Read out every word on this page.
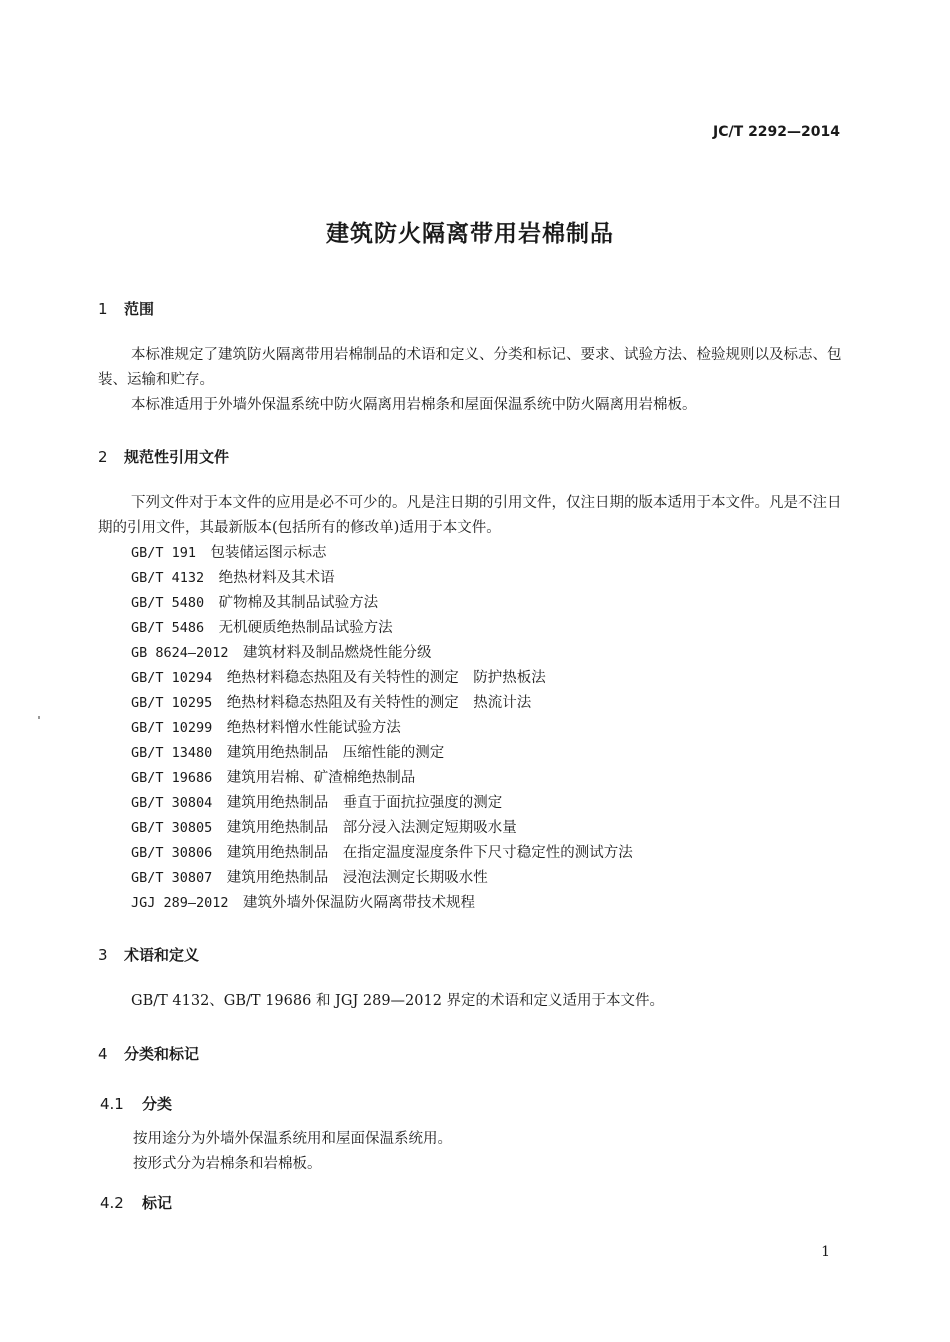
JC/T 2292—2014
建筑防火隔离带用岩棉制品
1 范围
本标准规定了建筑防火隔离带用岩棉制品的术语和定义、分类和标记、要求、试验方法、检验规则以及标志、包装、运输和贮存。
本标准适用于外墙外保温系统中防火隔离用岩棉条和屋面保温系统中防火隔离用岩棉板。
2 规范性引用文件
下列文件对于本文件的应用是必不可少的。凡是注日期的引用文件，仅注日期的版本适用于本文件。凡是不注日期的引用文件，其最新版本(包括所有的修改单)适用于本文件。
GB/T 191  包装储运图示标志
GB/T 4132  绝热材料及其术语
GB/T 5480  矿物棉及其制品试验方法
GB/T 5486  无机硬质绝热制品试验方法
GB 8624—2012  建筑材料及制品燃烧性能分级
GB/T 10294  绝热材料稳态热阻及有关特性的测定　防护热板法
GB/T 10295  绝热材料稳态热阻及有关特性的测定　热流计法
GB/T 10299  绝热材料憎水性能试验方法
GB/T 13480  建筑用绝热制品　压缩性能的测定
GB/T 19686  建筑用岩棉、矿渣棉绝热制品
GB/T 30804  建筑用绝热制品　垂直于面抗拉强度的测定
GB/T 30805  建筑用绝热制品　部分浸入法测定短期吸水量
GB/T 30806  建筑用绝热制品　在指定温度湿度条件下尺寸稳定性的测试方法
GB/T 30807  建筑用绝热制品　浸泡法测定长期吸水性
JGJ 289—2012  建筑外墙外保温防火隔离带技术规程
3 术语和定义
GB/T 4132、GB/T 19686 和 JGJ 289—2012 界定的术语和定义适用于本文件。
4 分类和标记
4.1 分类
按用途分为外墙外保温系统用和屋面保温系统用。
按形式分为岩棉条和岩棉板。
4.2 标记
1
